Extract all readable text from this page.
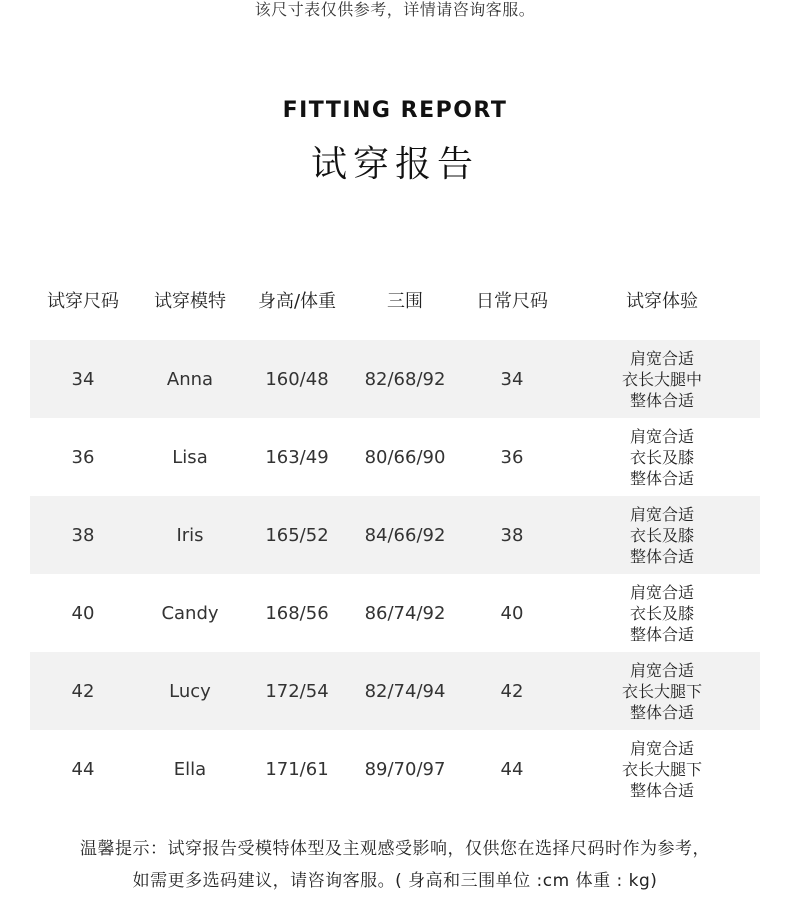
该尺寸表仅供参考，详情请咨询客服。
FITTING REPORT
试穿报告
试穿尺码	试穿模特	身高/体重	三围	日常尺码	试穿体验
34	Anna	160/48	82/68/92	34
肩宽合适
衣长大腿中
整体合适
36	Lisa	163/49	80/66/90	36
肩宽合适
衣长及膝
整体合适
38	Iris	165/52	84/66/92	38
肩宽合适
衣长及膝
整体合适
40	Candy	168/56	86/74/92	40
肩宽合适
衣长及膝
整体合适
42	Lucy	172/54	82/74/94	42
肩宽合适
衣长大腿下
整体合适
44	Ella	171/61	89/70/97	44
肩宽合适
衣长大腿下
整体合适
温馨提示：试穿报告受模特体型及主观感受影响，仅供您在选择尺码时作为参考，
如需更多选码建议，请咨询客服。( 身高和三围单位 :cm 体重 : kg)
